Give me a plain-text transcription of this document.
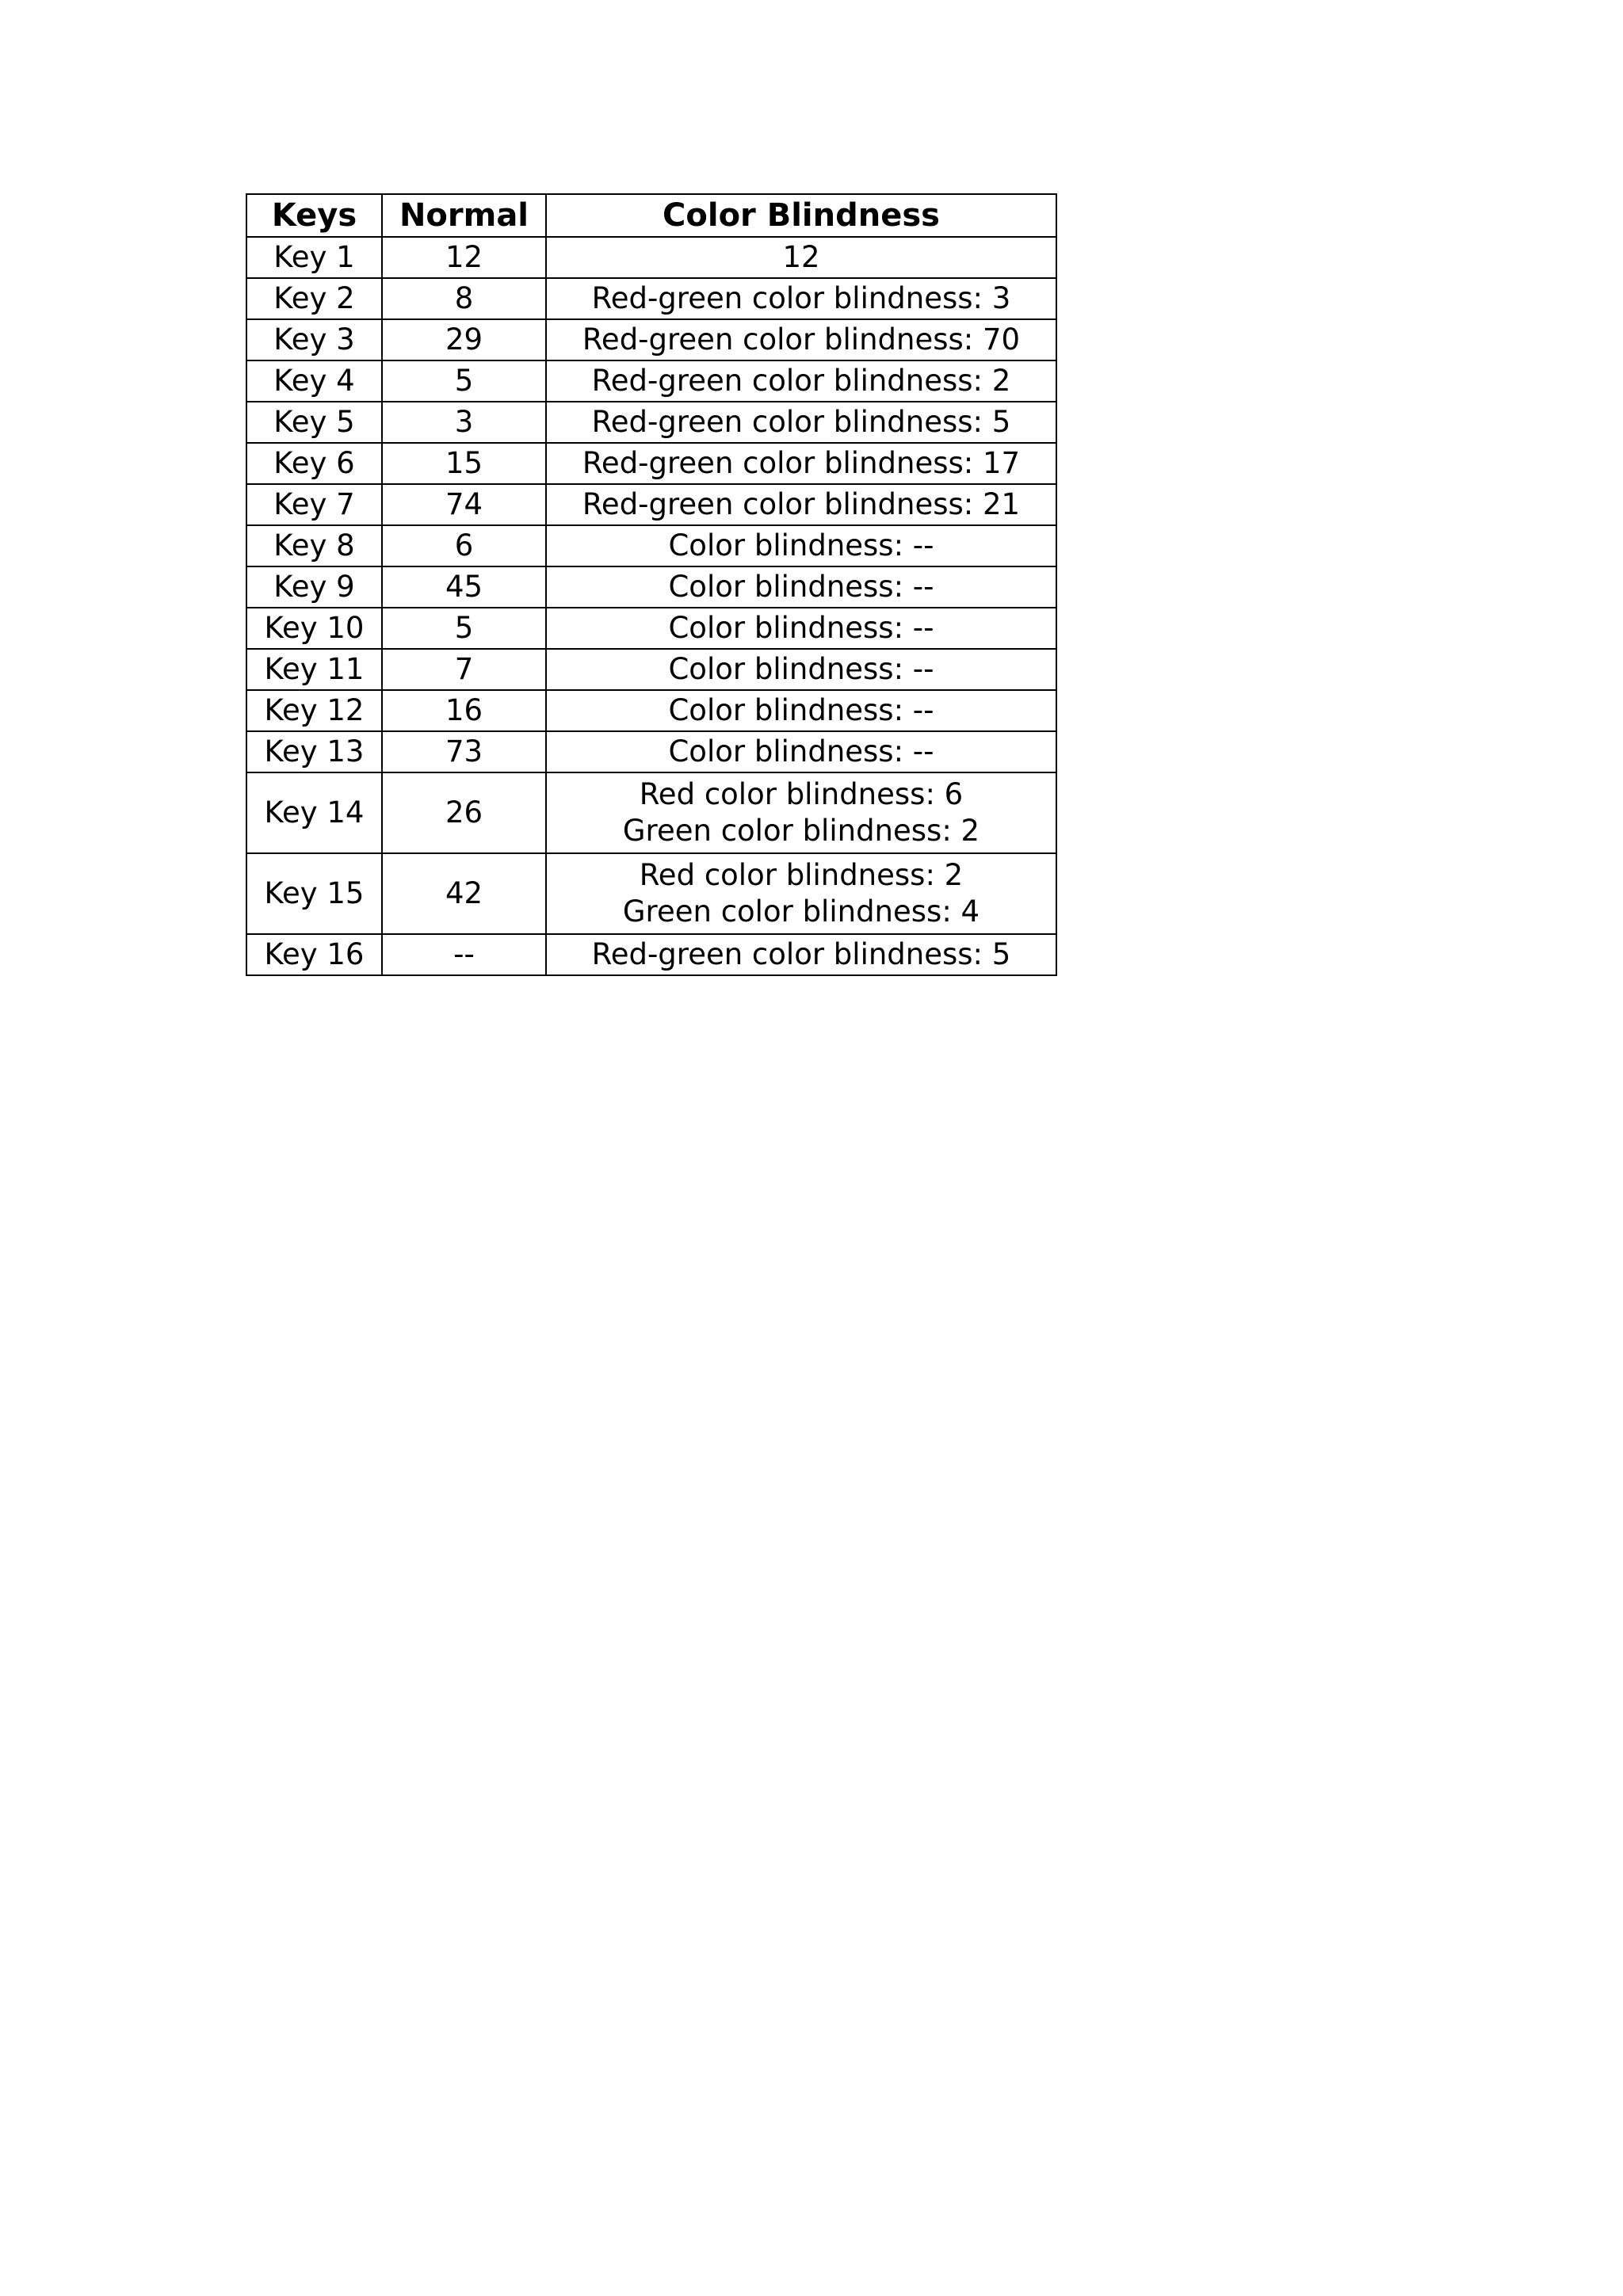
Keys	Normal	Color Blindness
Key 1	12	12

Key 2	8	Red-green color blindness: 3

Key 3	29	Red-green color blindness: 70

Key 4	5	Red-green color blindness: 2

Key 5	3	Red-green color blindness: 5

Key 6	15	Red-green color blindness: 17

Key 7	74	Red-green color blindness: 21

Key 8	6	Color blindness: --

Key 9	45	Color blindness: --

Key 10	5	Color blindness: --

Key 11	7	Color blindness: --

Key 12	16	Color blindness: --

Key 13	73	Color blindness: --

Key 14	26	Red color blindness: 6
Green color blindness: 2

Key 15	42	Red color blindness: 2
Green color blindness: 4

Key 16	--	Red-green color blindness: 5
